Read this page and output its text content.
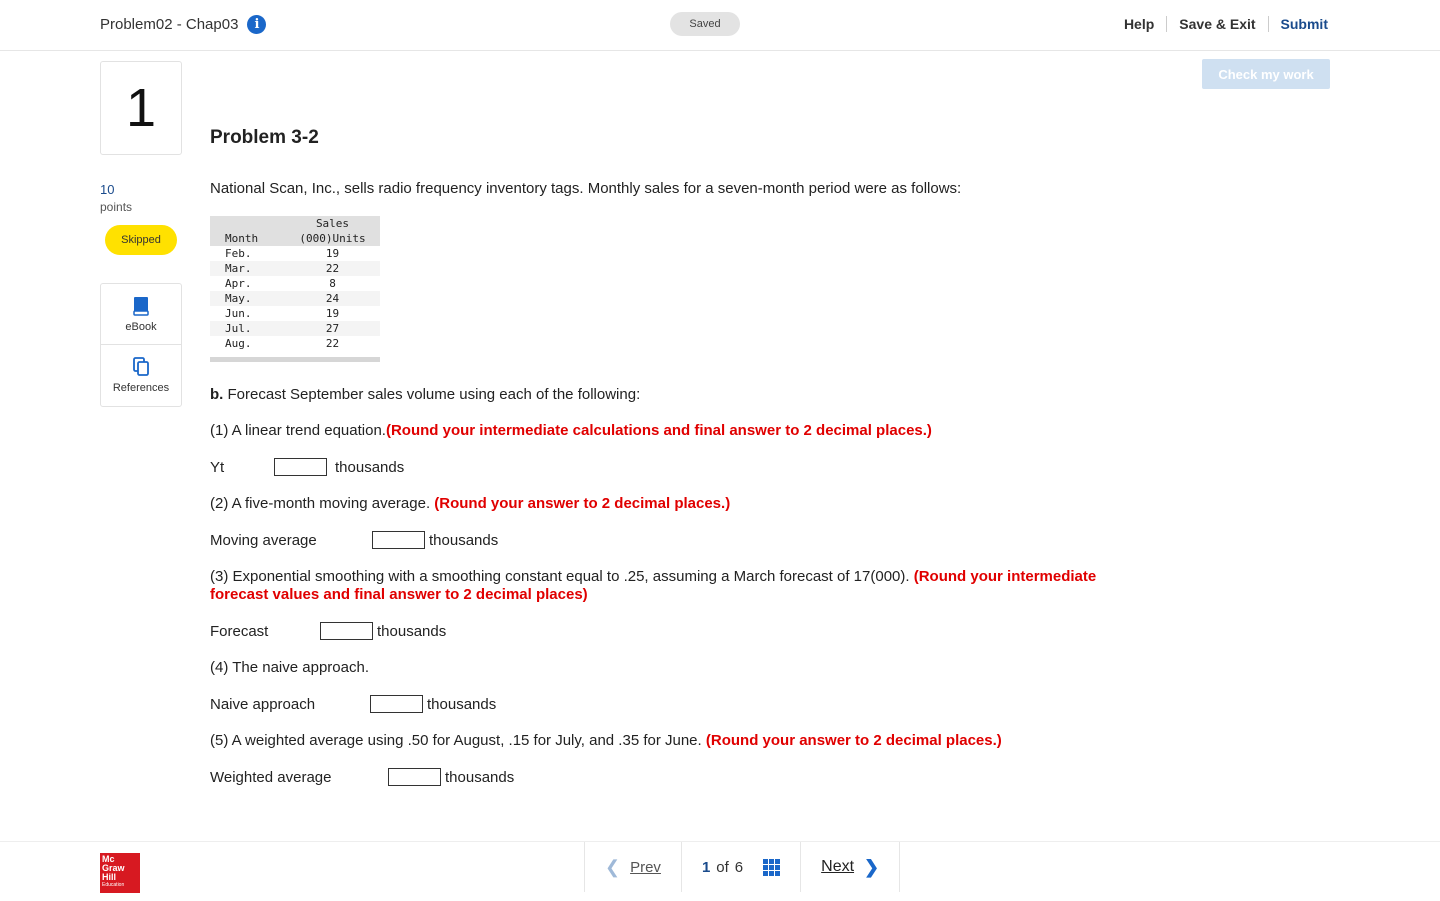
Problem02 - Chap03	i	Saved	Help	Save & Exit	Submit
Check my work
1
10
points
Skipped
eBook
References
Problem 3-2
National Scan, Inc., sells radio frequency inventory tags. Monthly sales for a seven-month period were as follows:
	Sales
Month	(000)Units
Feb.	19
Mar.	22
Apr.	8
May.	24
Jun.	19
Jul.	27
Aug.	22
b. Forecast September sales volume using each of the following:
(1) A linear trend equation.(Round your intermediate calculations and final answer to 2 decimal places.)
Yt	thousands
(2) A five-month moving average. (Round your answer to 2 decimal places.)
Moving average	thousands
(3) Exponential smoothing with a smoothing constant equal to .25, assuming a March forecast of 17(000). (Round your intermediate
forecast values and final answer to 2 decimal places)
Forecast	thousands
(4) The naive approach.
Naive approach	thousands
(5) A weighted average using .50 for August, .15 for July, and .35 for June. (Round your answer to 2 decimal places.)
Weighted average	thousands
Mc
Graw
Hill
Education
❮ Prev	1 of 6	Next ❯
